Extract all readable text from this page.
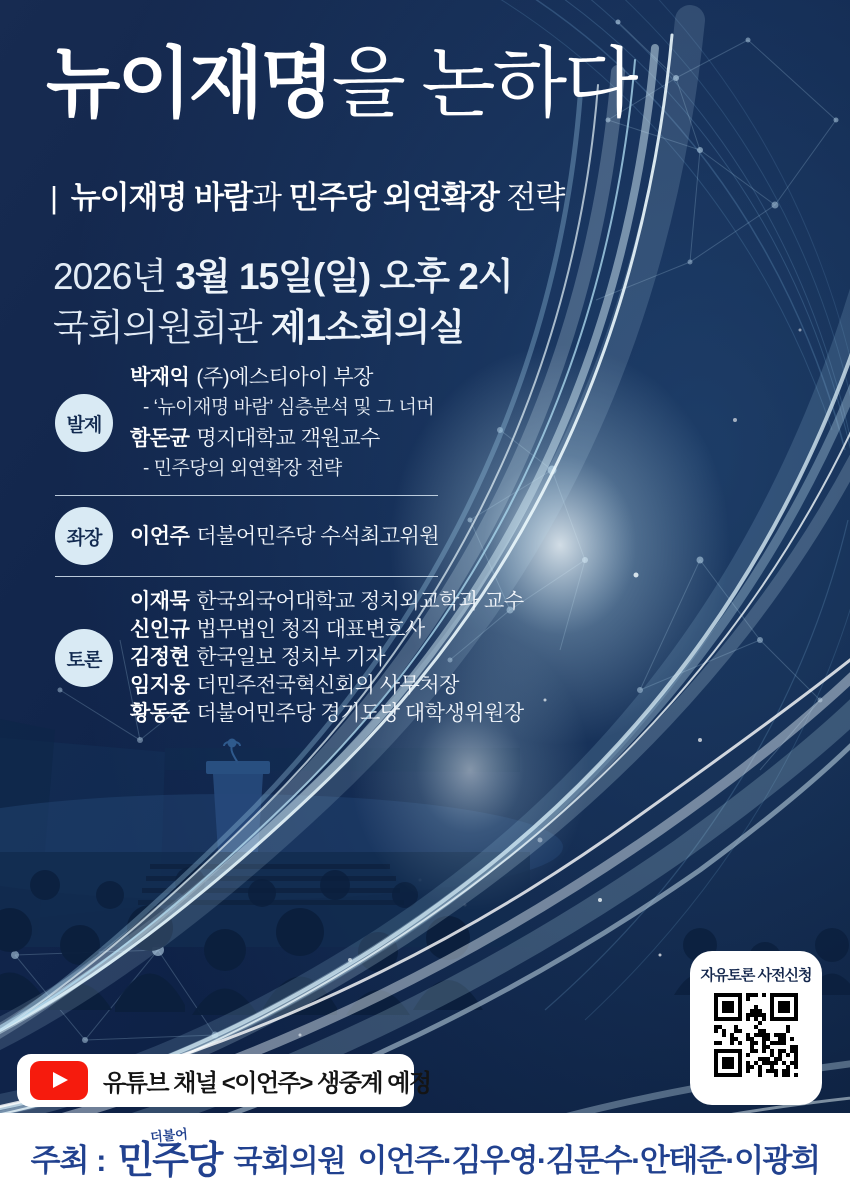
뉴이재명을 논하다
| 뉴이재명 바람과 민주당 외연확장 전략
2026년 3월 15일(일) 오후 2시
국회의원회관 제1소회의실
발제
박재익 (주)에스티아이 부장
- ‘뉴이재명 바람’ 심층분석 및 그 너머
함돈균 명지대학교 객원교수
- 민주당의 외연확장 전략
좌장	이언주 더불어민주당 수석최고위원
토론
이재묵 한국외국어대학교 정치외교학과 교수
신인규 법무법인 청직 대표변호사
김정현 한국일보 정치부 기자
임지웅 더민주전국혁신회의 사무처장
황동준 더불어민주당 경기도당 대학생위원장
자유토론 사전신청
유튜브 채널 <이언주> 생중계 예정
주최 :
더불어
민주당 국회의원 이언주·김우영·김문수·안태준·이광희
